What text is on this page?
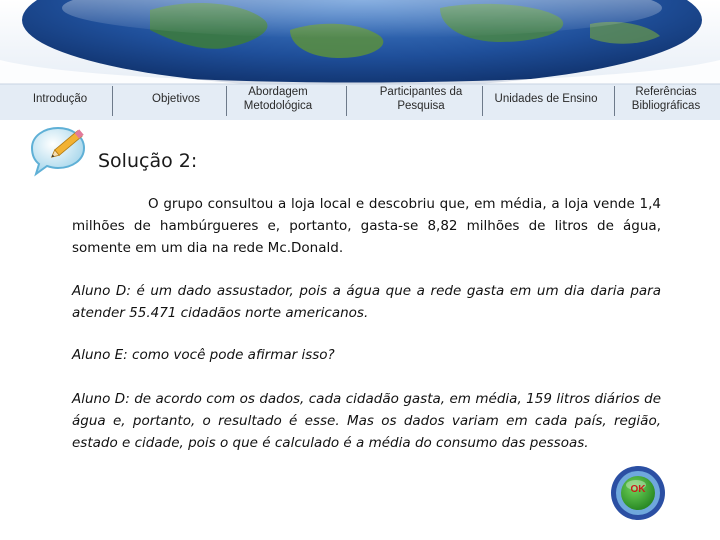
Introdução	Objetivos
Abordagem
Metodológica
Participantes da
Pesquisa
Unidades de Ensino
Referências
Bibliográficas
Solução 2:
O grupo consultou a loja local e descobriu que, em média, a loja vende 1,4 milhões de hambúrgueres e, portanto, gasta-se 8,82 milhões de litros de água, somente em um dia na rede Mc.Donald.
Aluno D: é um dado assustador, pois a água que a rede gasta em um dia daria para atender 55.471 cidadãos norte americanos.
Aluno E: como você pode afirmar isso?
Aluno D: de acordo com os dados, cada cidadão gasta, em média, 159 litros diários de água e, portanto, o resultado é esse. Mas os dados variam em cada país, região, estado e cidade, pois o que é calculado é a média do consumo das pessoas.
OK
